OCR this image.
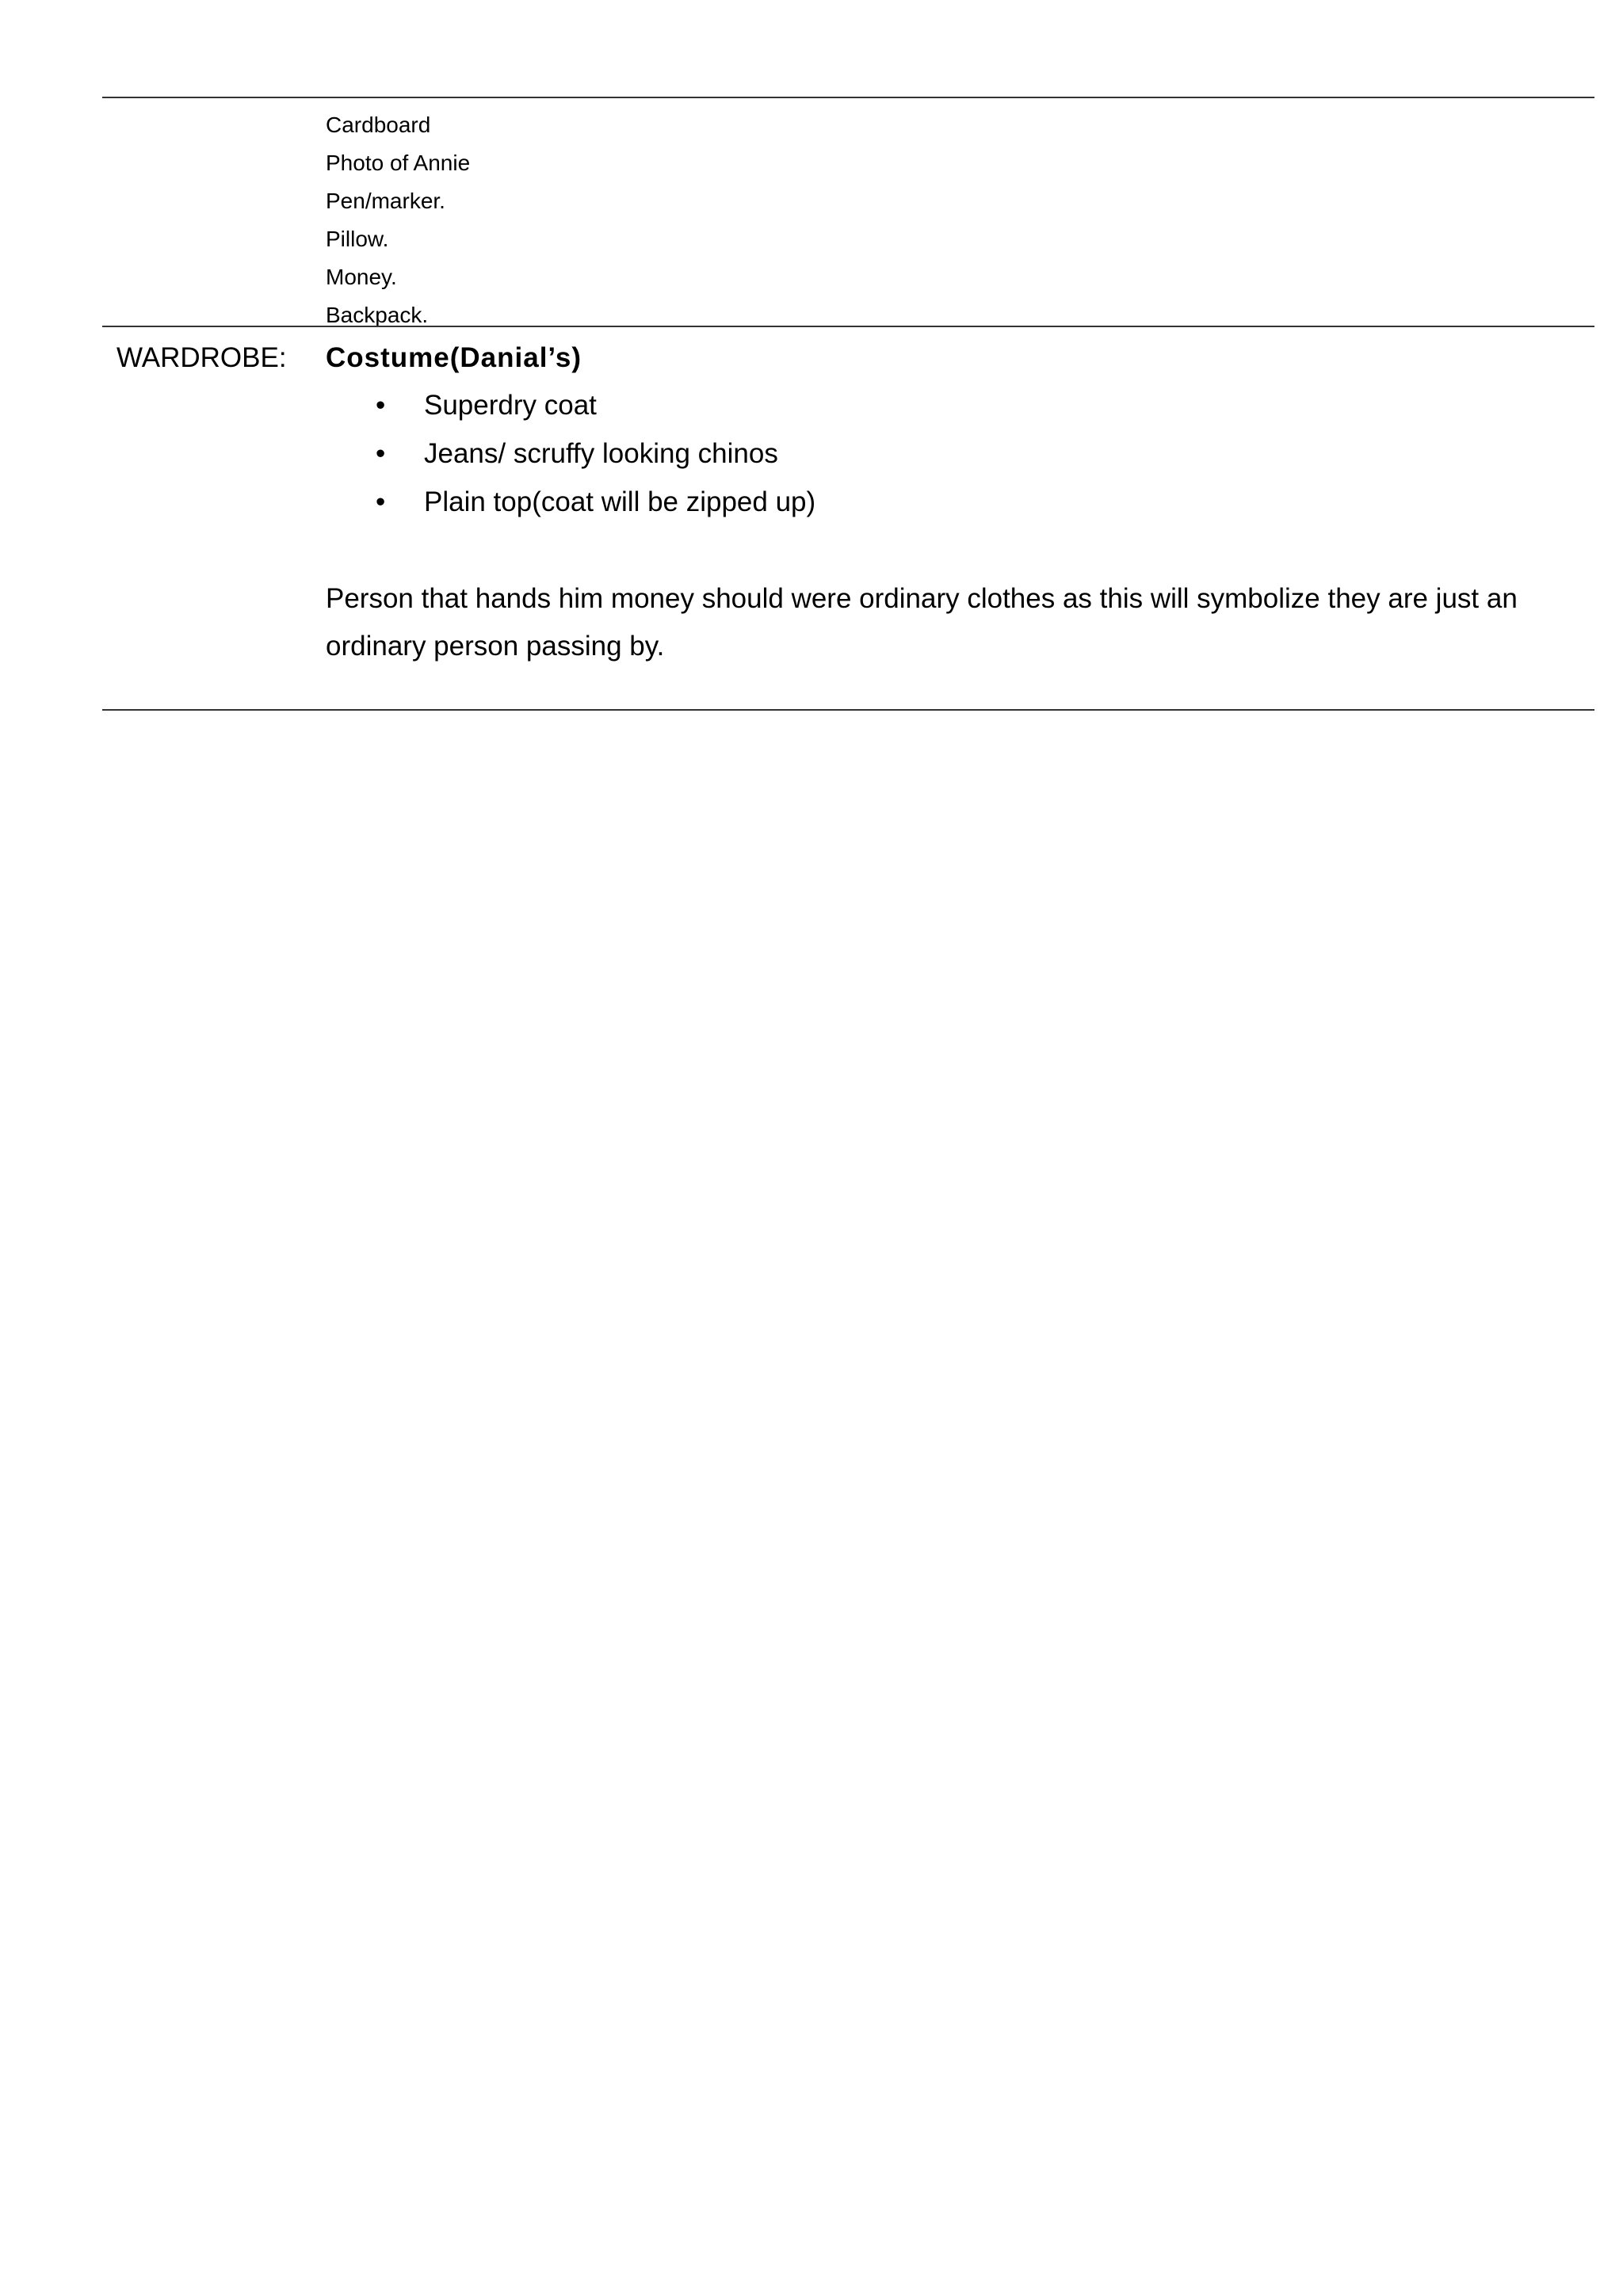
Cardboard
Photo of Annie
Pen/marker.
Pillow.
Money.
Backpack.
WARDROBE: Costume(Danial’s)
• Superdry coat
• Jeans/ scruffy looking chinos
• Plain top(coat will be zipped up)

Person that hands him money should were ordinary clothes as this will symbolize they are just an ordinary person passing by.
